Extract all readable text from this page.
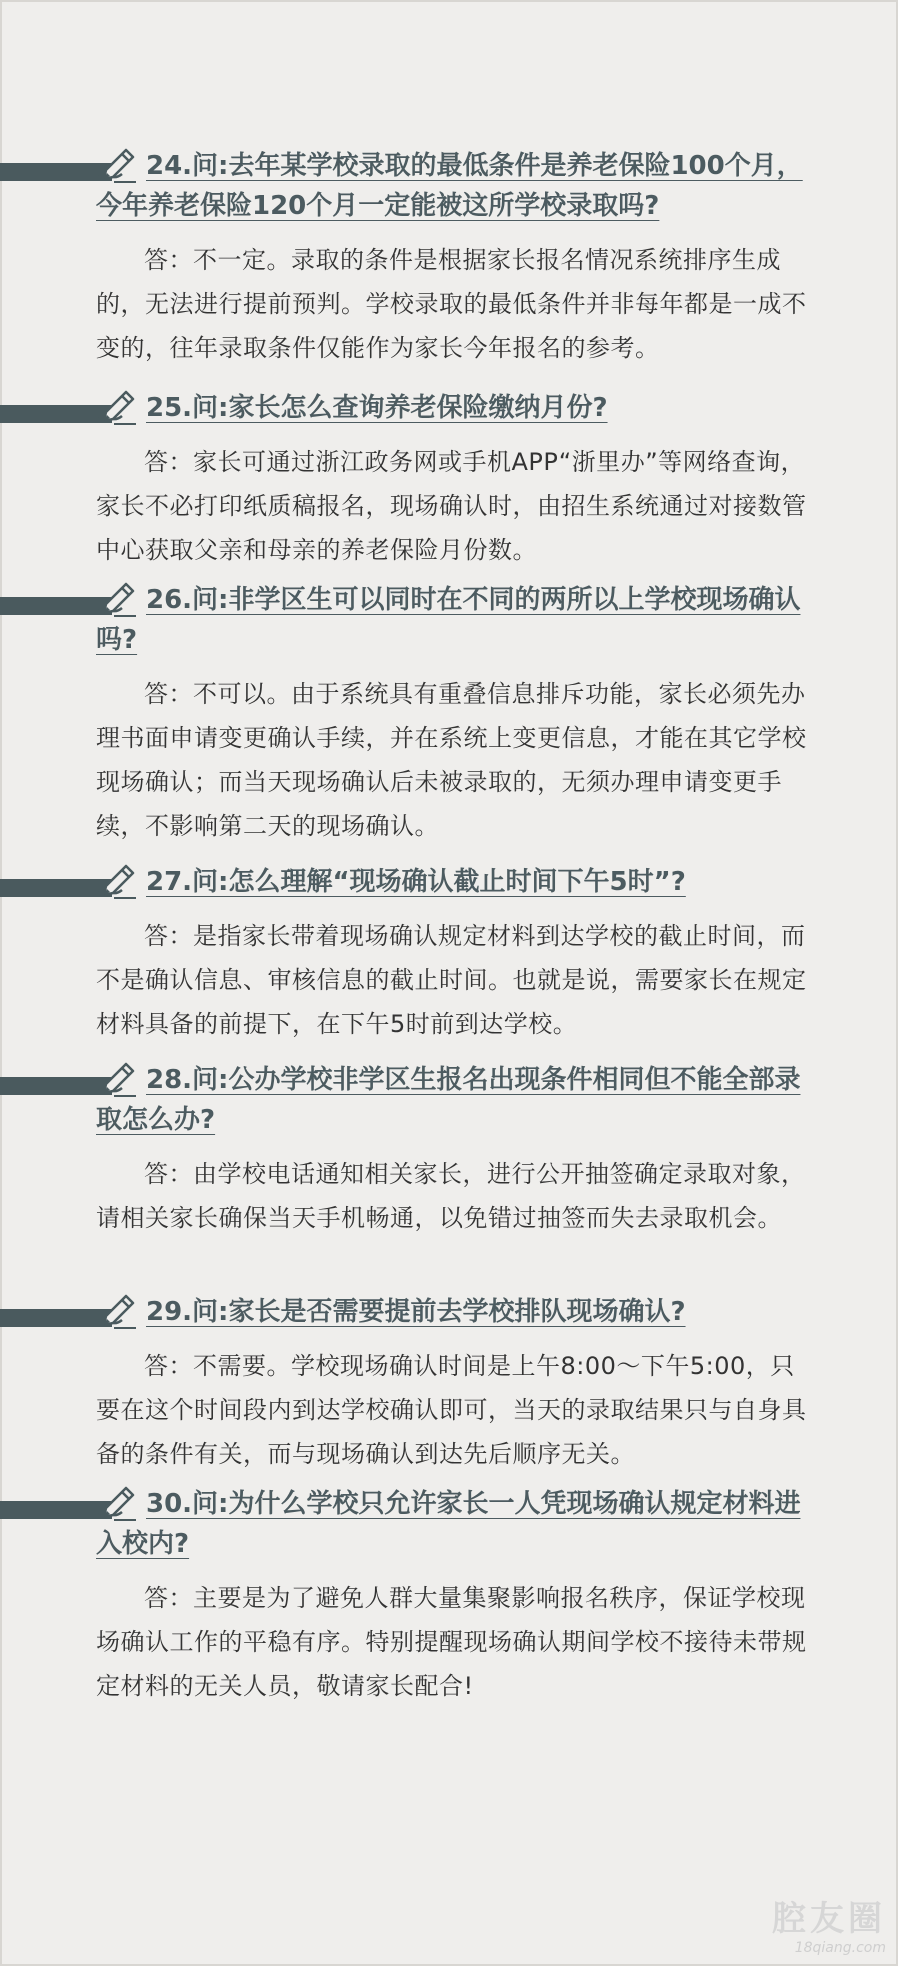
24.问:去年某学校录取的最低条件是养老保险100个月，今年养老保险120个月一定能被这所学校录取吗?
答：不一定。录取的条件是根据家长报名情况系统排序生成的，无法进行提前预判。学校录取的最低条件并非每年都是一成不变的，往年录取条件仅能作为家长今年报名的参考。
25.问:家长怎么查询养老保险缴纳月份?
答：家长可通过浙江政务网或手机APP“浙里办”等网络查询，家长不必打印纸质稿报名，现场确认时，由招生系统通过对接数管中心获取父亲和母亲的养老保险月份数。
26.问:非学区生可以同时在不同的两所以上学校现场确认吗?
答：不可以。由于系统具有重叠信息排斥功能，家长必须先办理书面申请变更确认手续，并在系统上变更信息，才能在其它学校现场确认；而当天现场确认后未被录取的，无须办理申请变更手续，不影响第二天的现场确认。
27.问:怎么理解“现场确认截止时间下午5时”?
答：是指家长带着现场确认规定材料到达学校的截止时间，而不是确认信息、审核信息的截止时间。也就是说，需要家长在规定材料具备的前提下，在下午5时前到达学校。
28.问:公办学校非学区生报名出现条件相同但不能全部录取怎么办?
答：由学校电话通知相关家长，进行公开抽签确定录取对象，请相关家长确保当天手机畅通，以免错过抽签而失去录取机会。
29.问:家长是否需要提前去学校排队现场确认?
答：不需要。学校现场确认时间是上午8:00～下午5:00，只要在这个时间段内到达学校确认即可，当天的录取结果只与自身具备的条件有关，而与现场确认到达先后顺序无关。
30.问:为什么学校只允许家长一人凭现场确认规定材料进入校内?
答：主要是为了避免人群大量集聚影响报名秩序，保证学校现场确认工作的平稳有序。特别提醒现场确认期间学校不接待未带规定材料的无关人员，敬请家长配合!
腔友圈
18qiang.com
